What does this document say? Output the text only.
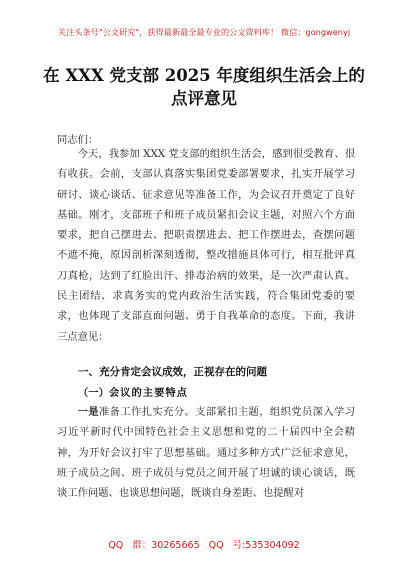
关注头条号"公文研究"，获得最新最全最专业的公文资料库！ 微信：gongwenyj
在 XXX 党支部 2025 年度组织生活会上的
点评意见
同志们：

今天，我参加 XXX 党支部的组织生活会，感到很受教育、很有收获。会前，支部认真落实集团党委部署要求，扎实开展学习研讨、谈心谈话、征求意见等准备工作，为会议召开奠定了良好基础。刚才，支部班子和班子成员紧扣会议主题，对照六个方面要求，把自己摆进去、把职责摆进去、把工作摆进去，查摆问题不遮不掩，原因剖析深刻透彻，整改措施具体可行，相互批评真刀真枪，达到了红脸出汗、排毒治病的效果，是一次严肃认真、民主团结、求真务实的党内政治生活实践，符合集团党委的要求，也体现了支部直面问题、勇于自我革命的态度。下面，我讲三点意见：

一、充分肯定会议成效，正视存在的问题
（一）会议的主要特点

一是准备工作扎实充分。支部紧扣主题，组织党员深入学习习近平新时代中国特色社会主义思想和党的二十届四中全会精神，为开好会议打牢了思想基础。通过多种方式广泛征求意见，班子成员之间、班子成员与党员之间开展了坦诚的谈心谈话，既谈工作问题、也谈思想问题，既谈自身差距、也提醒对

QQ 群：30265665 QQ 号:535304092
